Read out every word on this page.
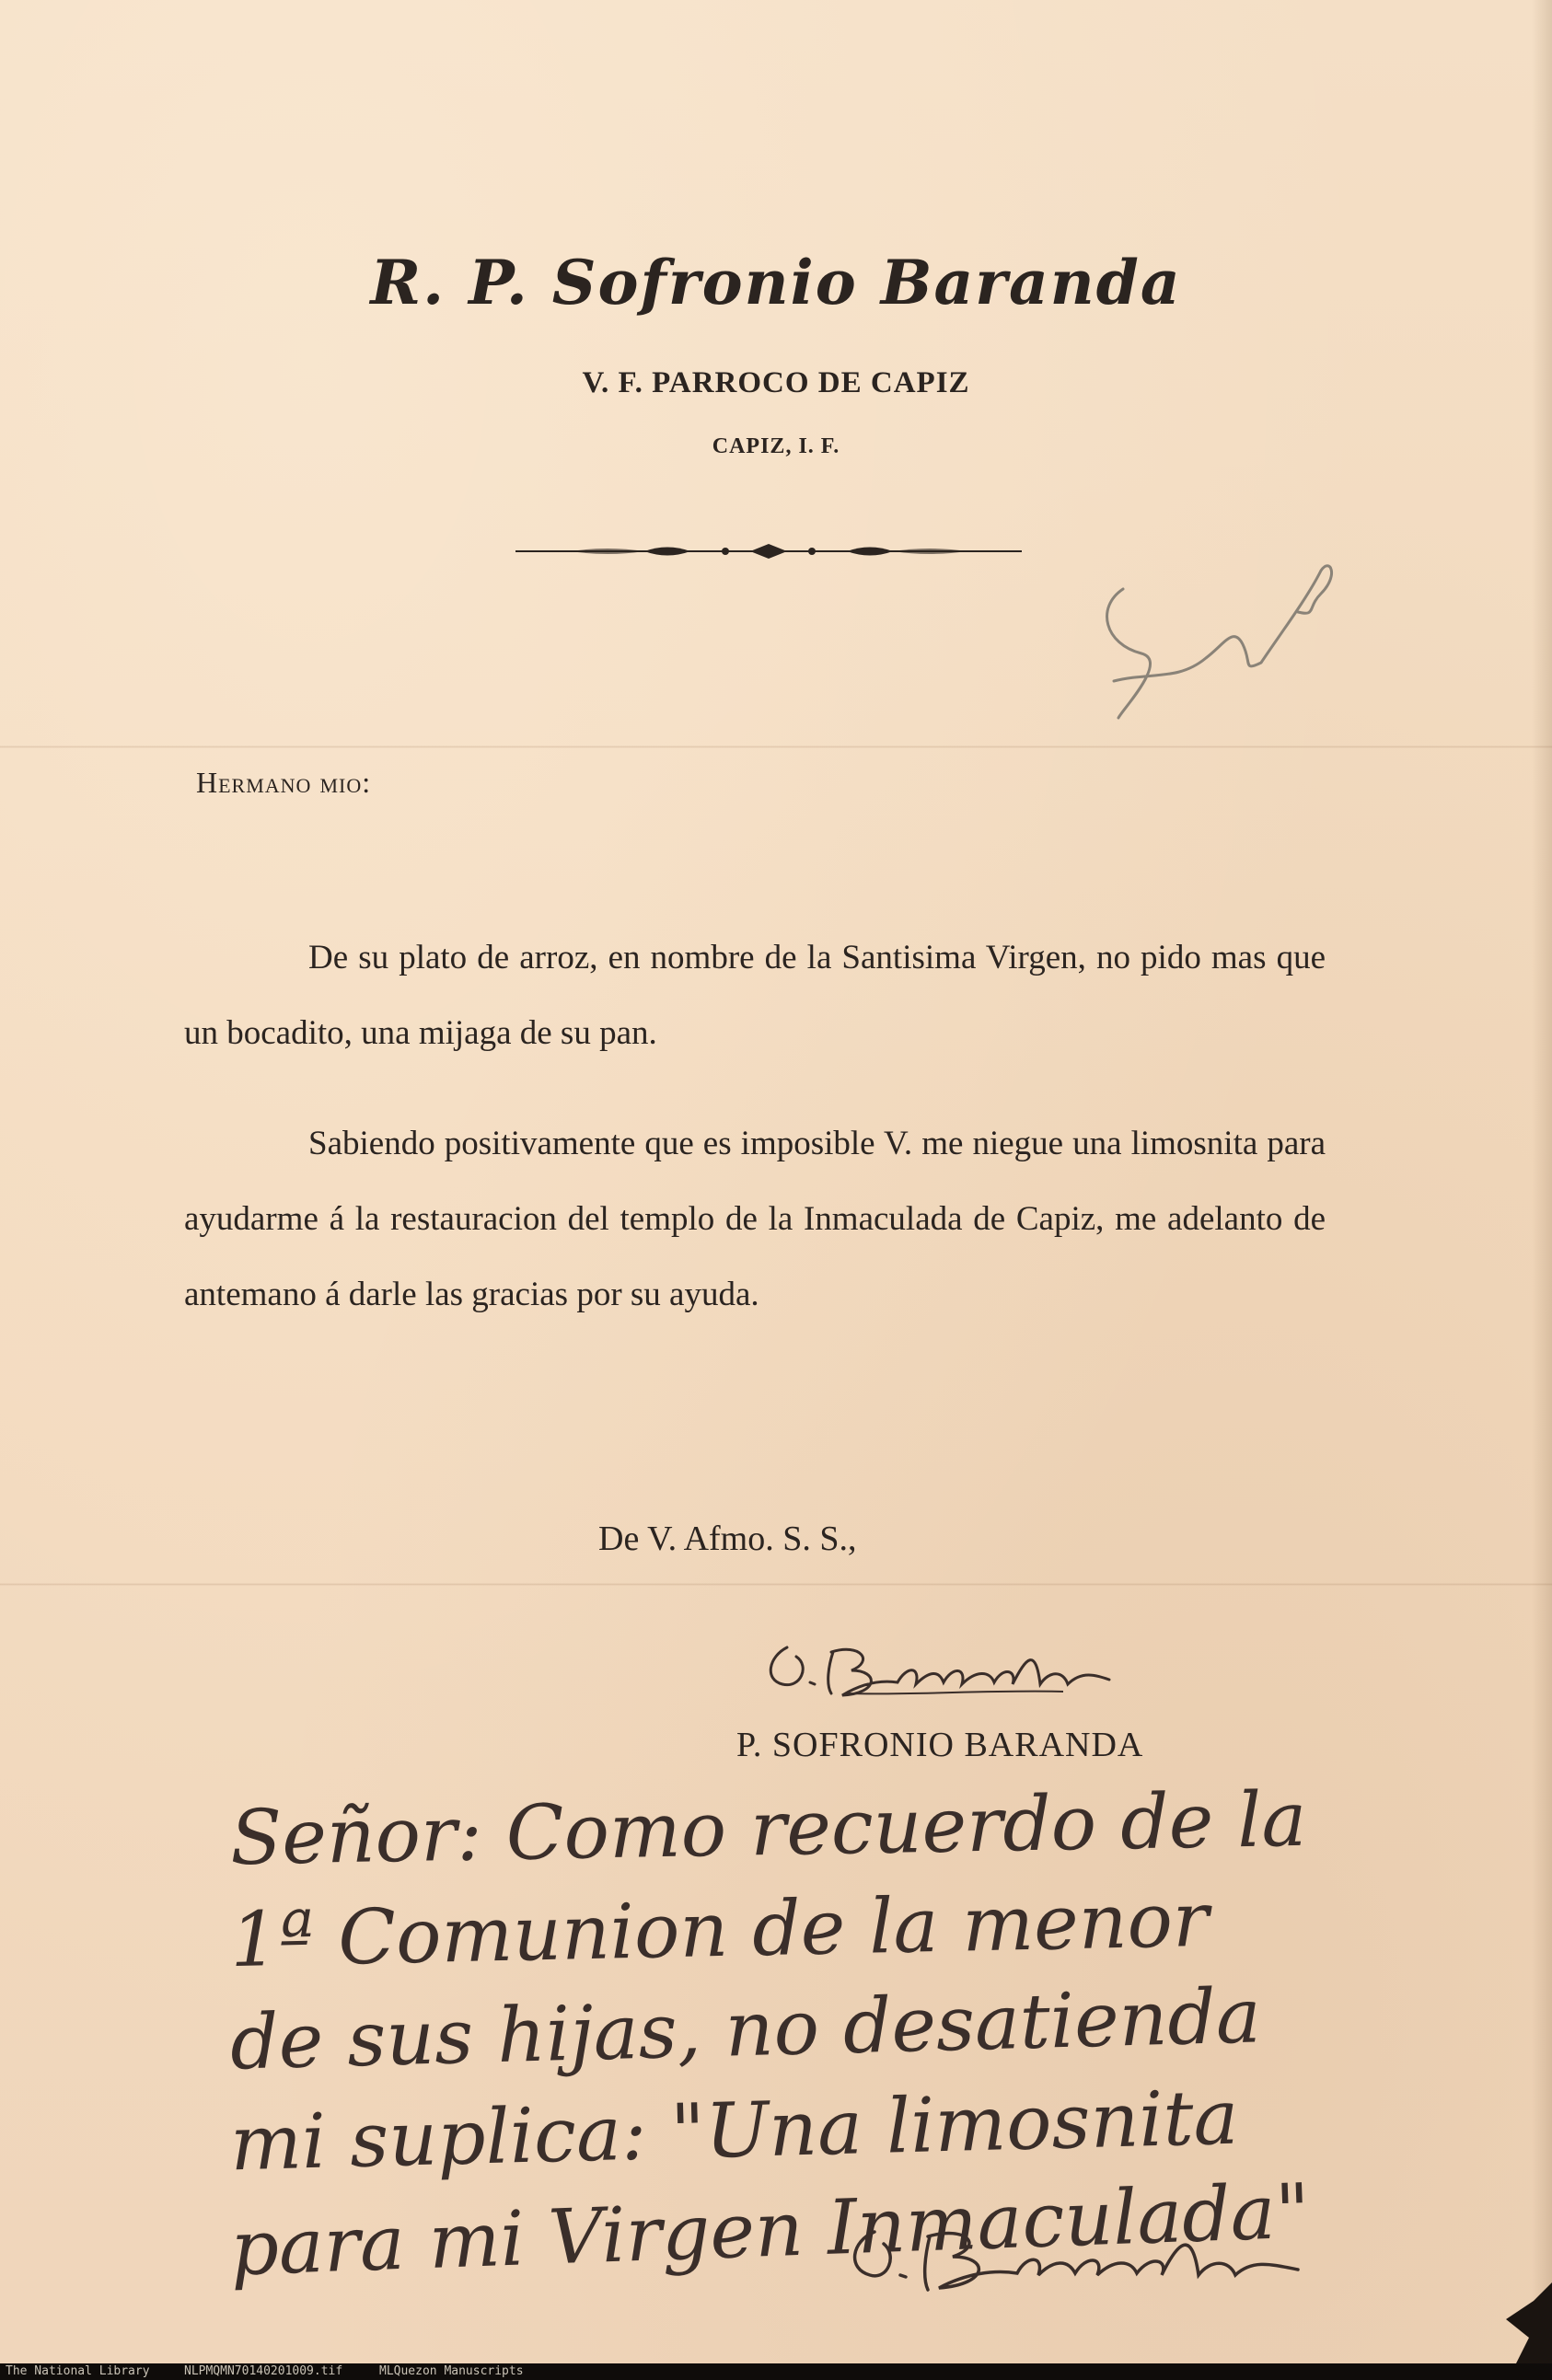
R. P. Sofronio Baranda
V. F. PARROCO DE CAPIZ
CAPIZ, I. F.
Hermano mio:
De su plato de arroz, en nombre de la Santisima Virgen, no pido mas que un bocadito, una mijaga de su pan.
Sabiendo positivamente que es imposible V. me niegue una limosnita para ayudarme á la restauracion del templo de la Inmaculada de Capiz, me adelanto de antemano á darle las gracias por su ayuda.
De V. Afmo. S. S.,
P. SOFRONIO BARANDA
Señor: Como recuerdo de la
1ª Comunion de la menor
de sus hijas, no desatienda
mi suplica: "Una limosnita
para mi Virgen Inmaculada"
The National Library	NLPMQMN70140201009.tif	MLQuezon Manuscripts
